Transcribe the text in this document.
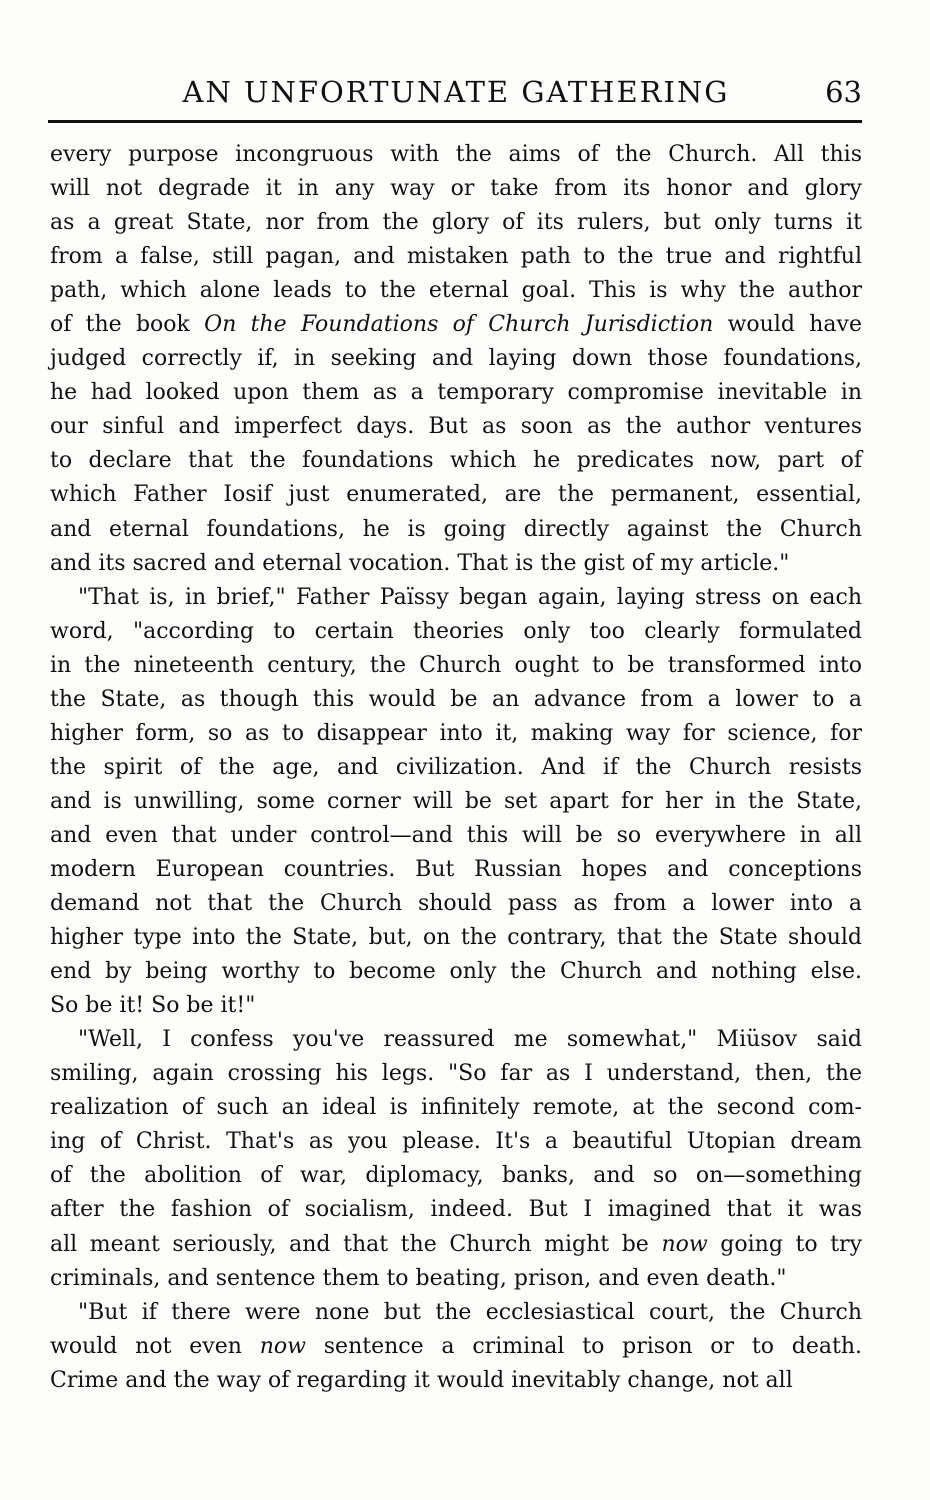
AN UNFORTUNATE GATHERING	63
every purpose incongruous with the aims of the Church. All this
will not degrade it in any way or take from its honor and glory
as a great State, nor from the glory of its rulers, but only turns it
from a false, still pagan, and mistaken path to the true and rightful
path, which alone leads to the eternal goal. This is why the author
of the book On the Foundations of Church Jurisdiction would have
judged correctly if, in seeking and laying down those foundations,
he had looked upon them as a temporary compromise inevitable in
our sinful and imperfect days. But as soon as the author ventures
to declare that the foundations which he predicates now, part of
which Father Iosif just enumerated, are the permanent, essential,
and eternal foundations, he is going directly against the Church
and its sacred and eternal vocation. That is the gist of my article."
"That is, in brief," Father Païssy began again, laying stress on each
word, "according to certain theories only too clearly formulated
in the nineteenth century, the Church ought to be transformed into
the State, as though this would be an advance from a lower to a
higher form, so as to disappear into it, making way for science, for
the spirit of the age, and civilization. And if the Church resists
and is unwilling, some corner will be set apart for her in the State,
and even that under control—and this will be so everywhere in all
modern European countries. But Russian hopes and conceptions
demand not that the Church should pass as from a lower into a
higher type into the State, but, on the contrary, that the State should
end by being worthy to become only the Church and nothing else.
So be it! So be it!"
"Well, I confess you've reassured me somewhat," Miüsov said
smiling, again crossing his legs. "So far as I understand, then, the
realization of such an ideal is infinitely remote, at the second com-
ing of Christ. That's as you please. It's a beautiful Utopian dream
of the abolition of war, diplomacy, banks, and so on—something
after the fashion of socialism, indeed. But I imagined that it was
all meant seriously, and that the Church might be now going to try
criminals, and sentence them to beating, prison, and even death."
"But if there were none but the ecclesiastical court, the Church
would not even now sentence a criminal to prison or to death.
Crime and the way of regarding it would inevitably change, not all
